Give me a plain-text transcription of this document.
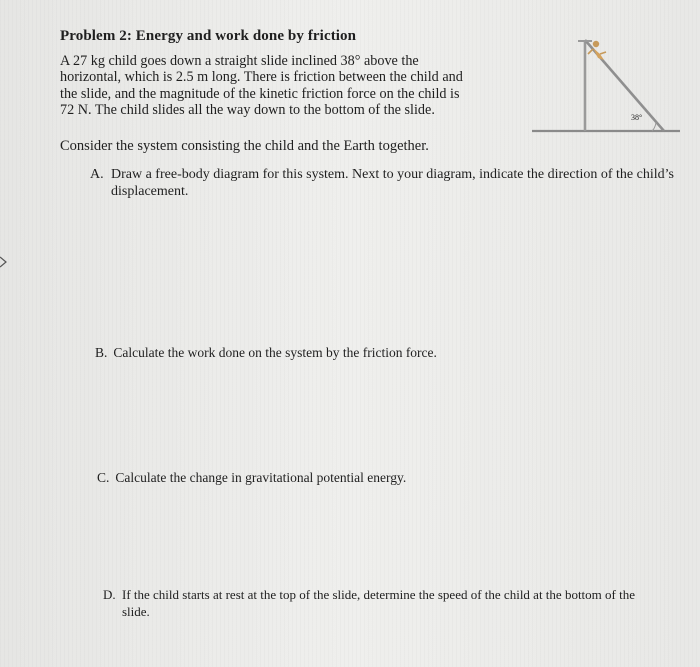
Problem 2: Energy and work done by friction
A 27 kg child goes down a straight slide inclined 38° above the
horizontal, which is 2.5 m long. There is friction between the child and
the slide, and the magnitude of the kinetic friction force on the child is
72 N. The child slides all the way down to the bottom of the slide.	38°
Consider the system consisting the child and the Earth together.
A. Draw a free-body diagram for this system. Next to your diagram, indicate the direction of the child’s displacement.
B. Calculate the work done on the system by the friction force.
C. Calculate the change in gravitational potential energy.
D. If the child starts at rest at the top of the slide, determine the speed of the child at the bottom of the slide.
